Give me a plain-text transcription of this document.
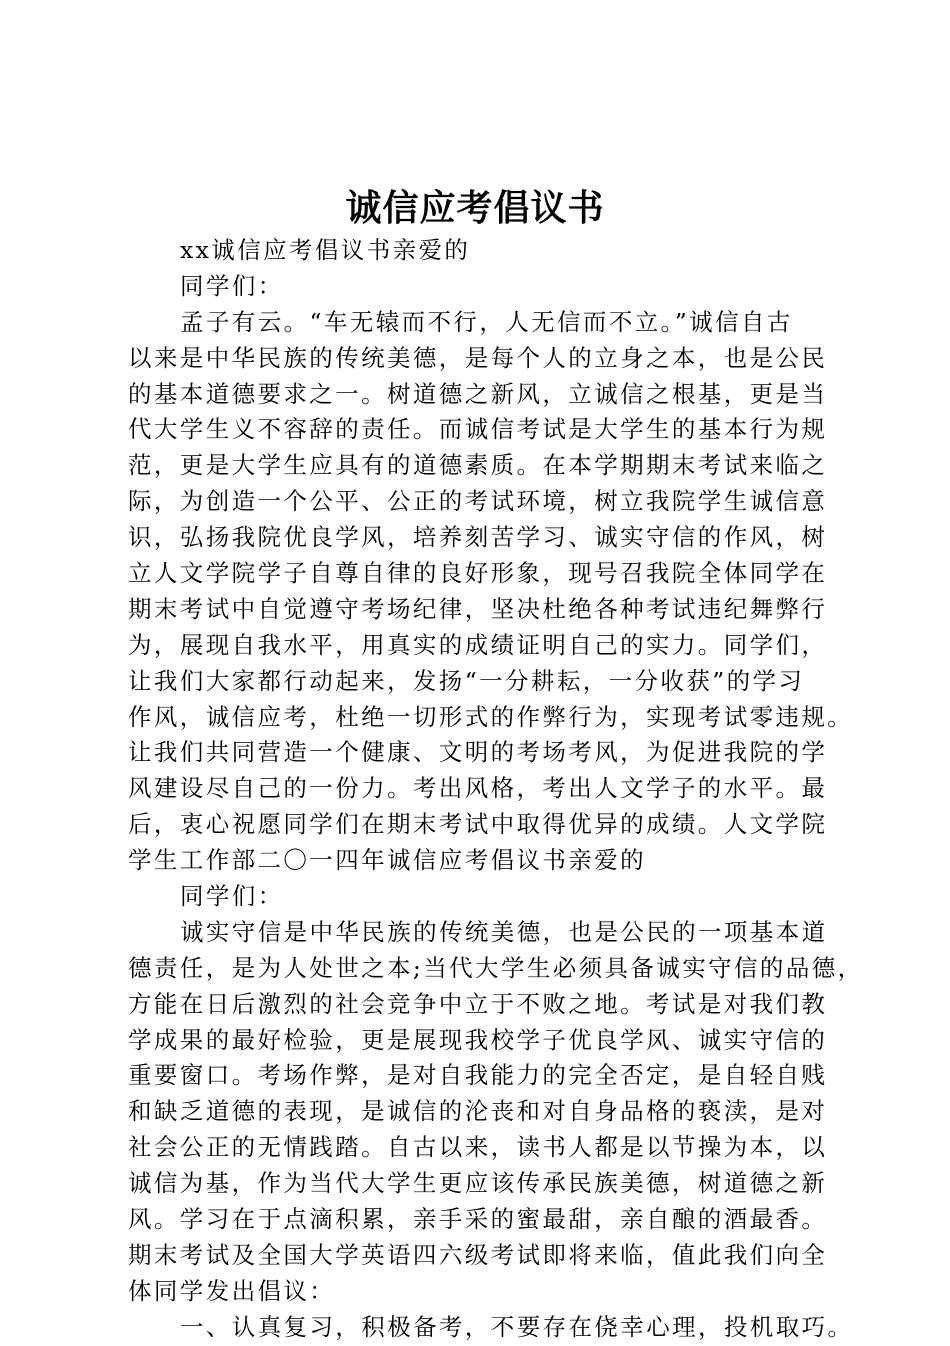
诚信应考倡议书
xx诚信应考倡议书亲爱的
同学们：
孟子有云。“车无辕而不行，人无信而不立。”诚信自古
以来是中华民族的传统美德，是每个人的立身之本，也是公民
的基本道德要求之一。树道德之新风，立诚信之根基，更是当
代大学生义不容辞的责任。而诚信考试是大学生的基本行为规
范，更是大学生应具有的道德素质。在本学期期末考试来临之
际，为创造一个公平、公正的考试环境，树立我院学生诚信意
识，弘扬我院优良学风，培养刻苦学习、诚实守信的作风，树
立人文学院学子自尊自律的良好形象，现号召我院全体同学在
期末考试中自觉遵守考场纪律，坚决杜绝各种考试违纪舞弊行
为，展现自我水平，用真实的成绩证明自己的实力。同学们，
让我们大家都行动起来，发扬“一分耕耘，一分收获”的学习
作风，诚信应考，杜绝一切形式的作弊行为，实现考试零违规。
让我们共同营造一个健康、文明的考场考风，为促进我院的学
风建设尽自己的一份力。考出风格，考出人文学子的水平。最
后，衷心祝愿同学们在期末考试中取得优异的成绩。人文学院
学生工作部二〇一四年诚信应考倡议书亲爱的
同学们：
诚实守信是中华民族的传统美德，也是公民的一项基本道
德责任，是为人处世之本;当代大学生必须具备诚实守信的品德，
方能在日后激烈的社会竞争中立于不败之地。考试是对我们教
学成果的最好检验，更是展现我校学子优良学风、诚实守信的
重要窗口。考场作弊，是对自我能力的完全否定，是自轻自贱
和缺乏道德的表现，是诚信的沦丧和对自身品格的亵渎，是对
社会公正的无情践踏。自古以来，读书人都是以节操为本，以
诚信为基，作为当代大学生更应该传承民族美德，树道德之新
风。学习在于点滴积累，亲手采的蜜最甜，亲自酿的酒最香。
期末考试及全国大学英语四六级考试即将来临，值此我们向全
体同学发出倡议：
一、认真复习，积极备考，不要存在侥幸心理，投机取巧。
